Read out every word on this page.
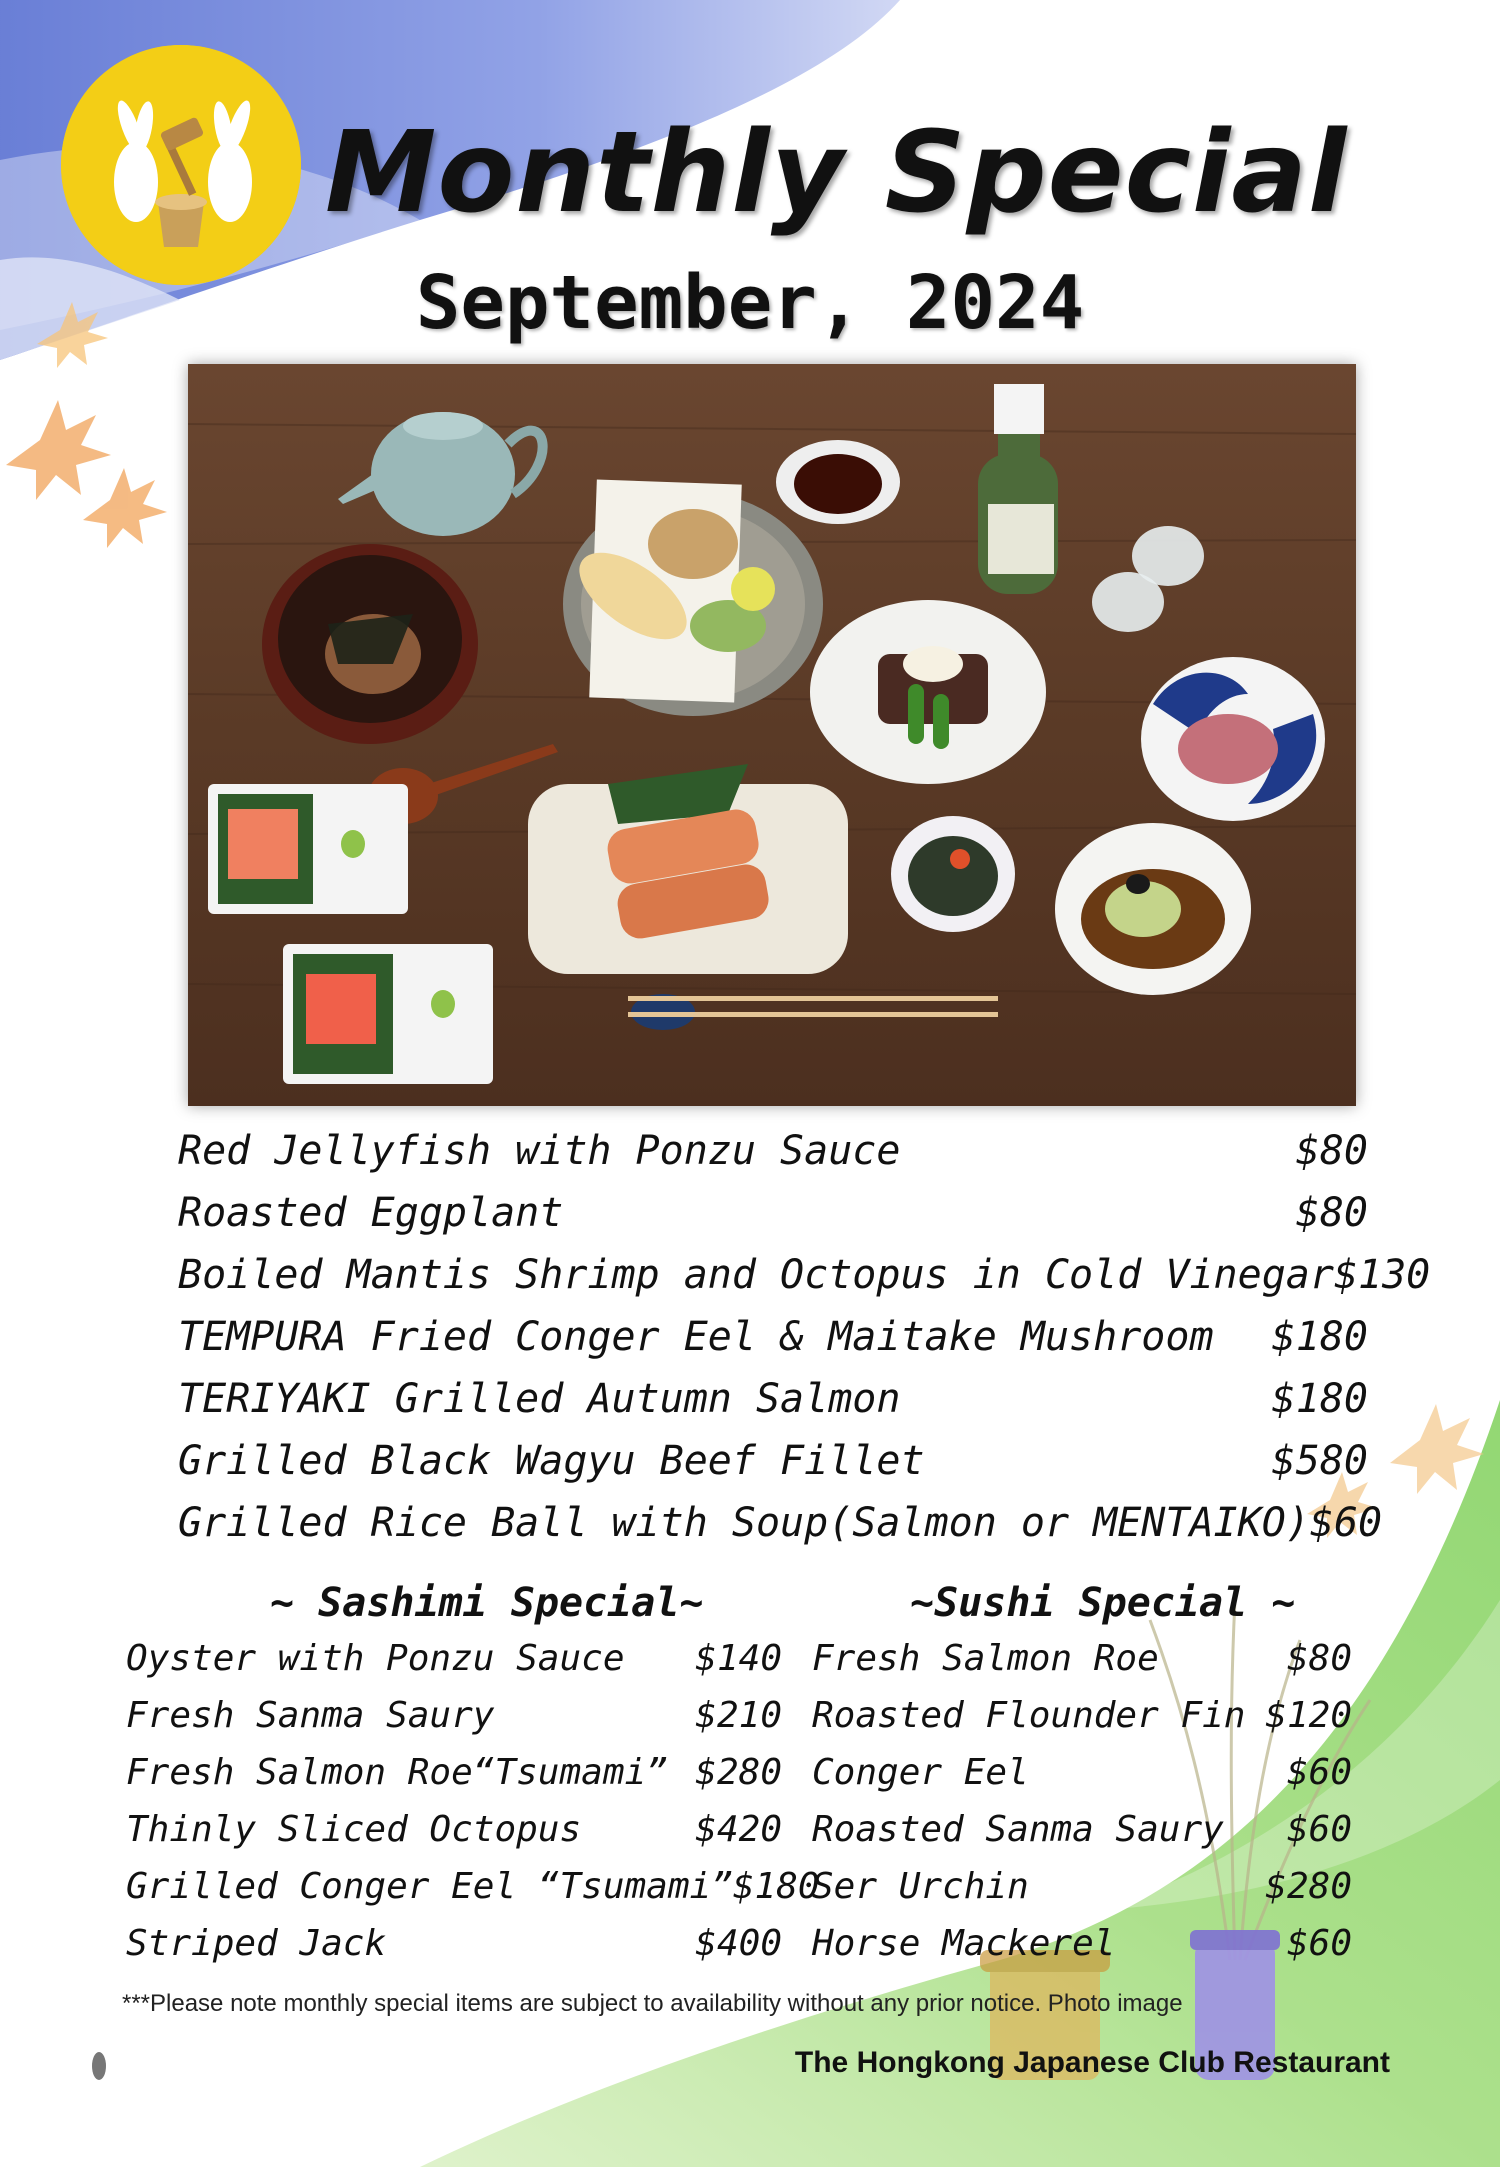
Monthly Special
September, 2024
Red Jellyfish with Ponzu Sauce	$80
Roasted Eggplant	$80
Boiled Mantis Shrimp and Octopus in Cold Vinegar $130
TEMPURA Fried Conger Eel & Maitake Mushroom $180
TERIYAKI Grilled Autumn Salmon	$180
Grilled Black Wagyu Beef Fillet	$580
Grilled Rice Ball with Soup(Salmon or MENTAIKO) $60
~ Sashimi Special~	~Sushi Special ~
Oyster with Ponzu Sauce $140
Fresh Sanma Saury	$210
Fresh Salmon Roe“Tsumami” $280
Thinly Sliced Octopus	$420
Grilled Conger Eel “Tsumami” $180
Striped Jack	$400
Fresh Salmon Roe	$80
Roasted Flounder Fin $120
Conger Eel	$60
Roasted Sanma Saury $60
Ser Urchin	$280
Horse Mackerel	$60
***Please note monthly special items are subject to availability without any prior notice. Photo image
The Hongkong Japanese Club Restaurant
